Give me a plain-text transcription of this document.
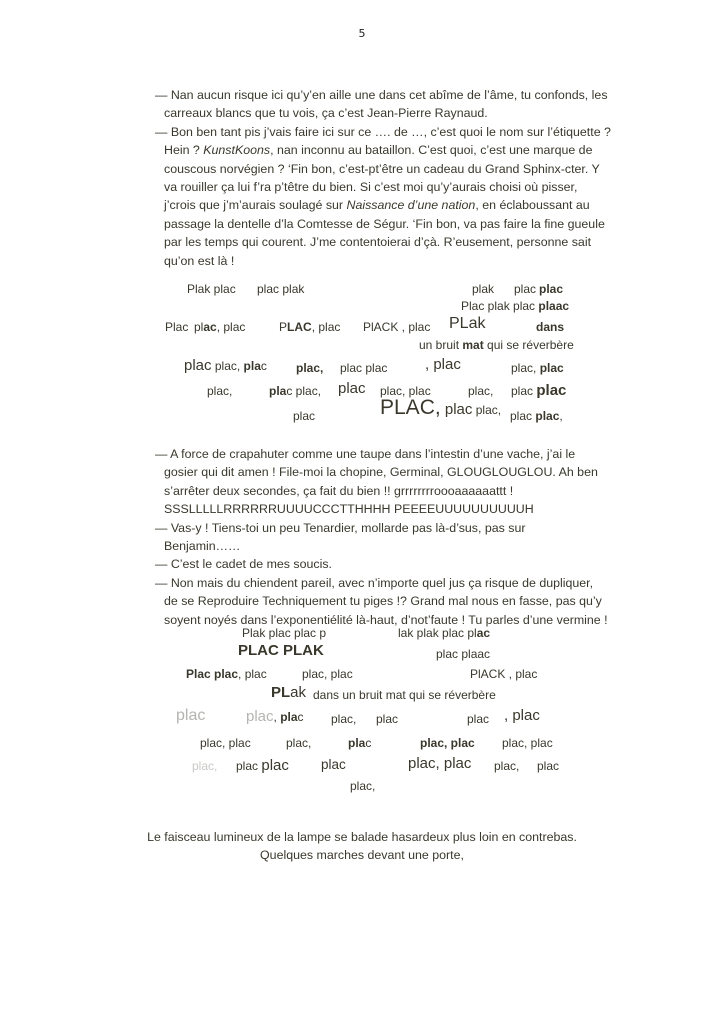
5
— Nan aucun risque ici qu’y’en aille une dans cet abîme de l’âme, tu confonds, les
carreaux blancs que tu vois, ça c’est Jean-Pierre Raynaud.
— Bon ben tant pis j’vais faire ici sur ce …. de …, c’est quoi le nom sur l’étiquette ?
Hein ? KunstKoons, nan inconnu au bataillon. C’est quoi, c’est une marque de
couscous norvégien ? ‘Fin bon, c’est-pt’être un cadeau du Grand Sphinx-cter. Y
va rouiller ça lui f’ra p’têtre du bien. Si c’est moi qu’y’aurais choisi où pisser,
j’crois que j’m’aurais soulagé sur Naissance d’une nation, en éclaboussant au
passage la dentelle d’la Comtesse de Ségur. ‘Fin bon, va pas faire la fine gueule
par les temps qui courent. J’me contentoierai d’çà. R’eusement, personne sait
qu’on est là !
Plak plac plac plak	plak plac plac
Plac plak plac plaac
Plac plac, plac	PLAC, plac PlACK , plac PLak	dans
un bruit mat qui se réverbère
plac plac, plac plac, plac plac	, plac	plac, plac
plac,	plac plac, plac plac, plac	plac, plac plac
plac	PLAC, plac plac, plac plac,
— A force de crapahuter comme une taupe dans l’intestin d’une vache, j’ai le
gosier qui dit amen ! File-moi la chopine, Germinal, GLOUGLOUGLOU. Ah ben
s’arrêter deux secondes, ça fait du bien !! grrrrrrrroooaaaaaattt !
SSSLLLLLRRRRRRUUUUCCCTTHHHH PEEEEUUUUUUUUUUH
— Vas-y ! Tiens-toi un peu Tenardier, mollarde pas là-d’sus, pas sur
Benjamin……
— C’est le cadet de mes soucis.
— Non mais du chiendent pareil, avec n’importe quel jus ça risque de dupliquer,
de se Reproduire Techniquement tu piges !? Grand mal nous en fasse, pas qu’y
soyent noyés dans l’exponentiélité là-haut, d’not’faute ! Tu parles d’une vermine !
Plak plac plac p	lak plak plac plac
PLAC PLAK	plac plaac
Plac plac, plac	plac, plac	PlACK , plac
PLak dans un bruit mat qui se réverbère
plac	plac, plac plac, plac	plac , plac
plac, plac	plac,	plac	plac, plac plac, plac
plac, plac plac plac	plac, plac plac, plac
plac,
Le faisceau lumineux de la lampe se balade hasardeux plus loin en contrebas.
Quelques marches devant une porte,
